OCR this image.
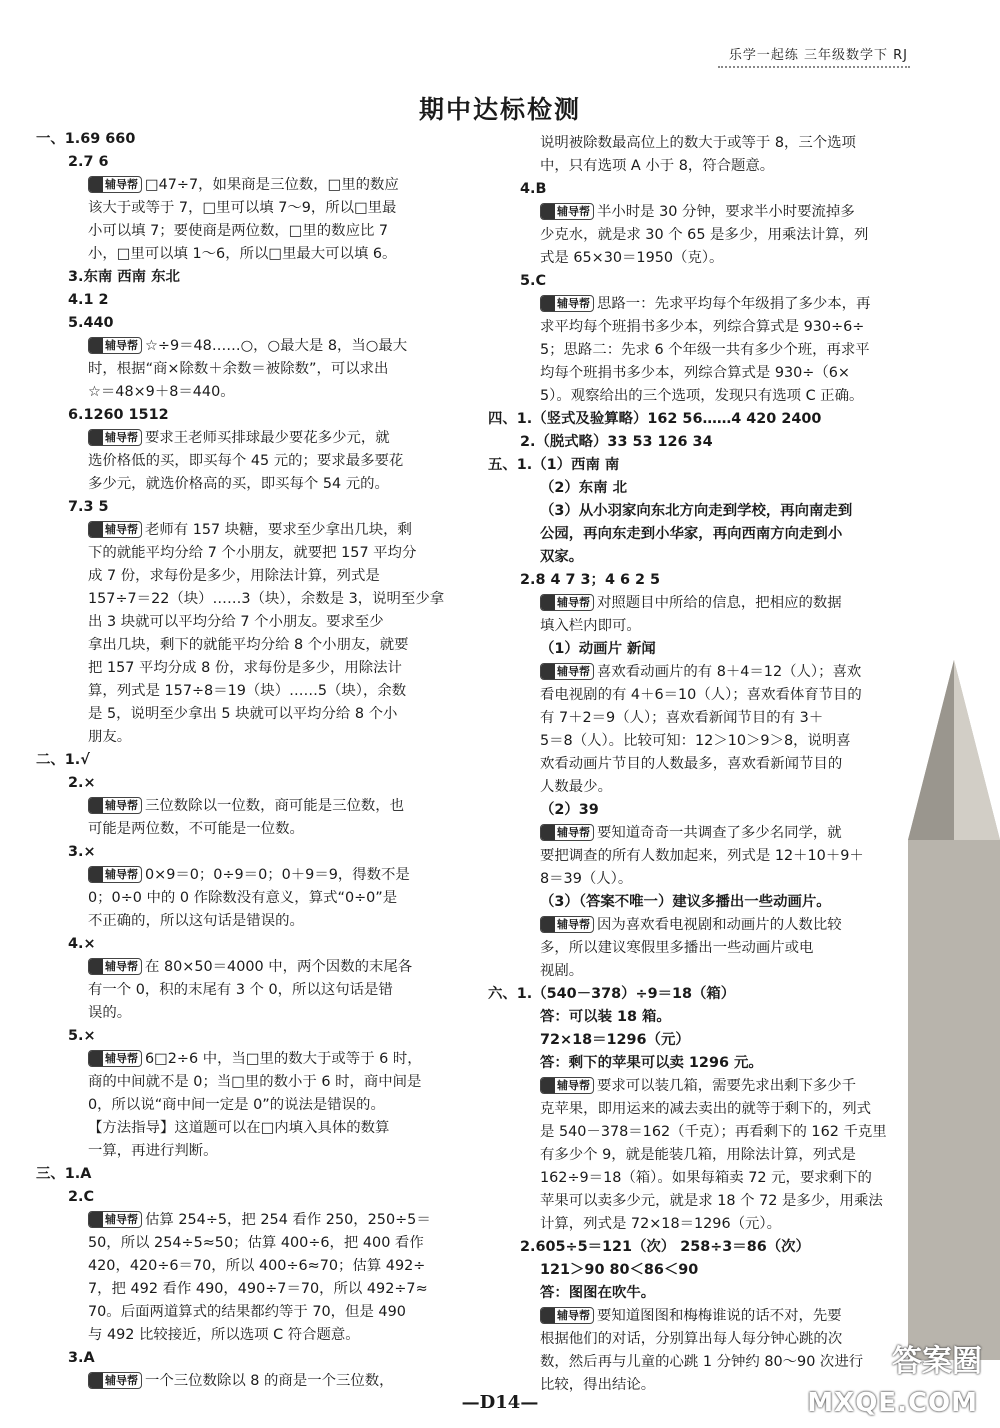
乐学一起练 三年级数学下 RJ
期中达标检测
一、1.69 660
2.7 6
辅导帮 □47÷7，如果商是三位数，□里的数应
该大于或等于 7，□里可以填 7～9，所以□里最
小可以填 7；要使商是两位数，□里的数应比 7
小，□里可以填 1～6，所以□里最大可以填 6。
3.东南 西南 东北
4.1 2
5.440
辅导帮 ☆÷9＝48……○，○最大是 8，当○最大
时，根据“商×除数＋余数＝被除数”，可以求出
☆＝48×9＋8＝440。
6.1260 1512
辅导帮 要求王老师买排球最少要花多少元，就
选价格低的买，即买每个 45 元的；要求最多要花
多少元，就选价格高的买，即买每个 54 元的。
7.3 5
辅导帮 老师有 157 块糖，要求至少拿出几块，剩
下的就能平均分给 7 个小朋友，就要把 157 平均分
成 7 份，求每份是多少，用除法计算，列式是
157÷7＝22（块）……3（块），余数是 3，说明至少拿
出 3 块就可以平均分给 7 个小朋友。要求至少
拿出几块，剩下的就能平均分给 8 个小朋友，就要
把 157 平均分成 8 份，求每份是多少，用除法计
算，列式是 157÷8＝19（块）……5（块），余数
是 5，说明至少拿出 5 块就可以平均分给 8 个小
朋友。
二、1.√
2.×
辅导帮 三位数除以一位数，商可能是三位数，也
可能是两位数，不可能是一位数。
3.×
辅导帮 0×9＝0；0÷9＝0；0＋9＝9，得数不是
0；0÷0 中的 0 作除数没有意义，算式“0÷0”是
不正确的，所以这句话是错误的。
4.×
辅导帮 在 80×50＝4000 中，两个因数的末尾各
有一个 0，积的末尾有 3 个 0，所以这句话是错
误的。
5.×
辅导帮 6□2÷6 中，当□里的数大于或等于 6 时，
商的中间就不是 0；当□里的数小于 6 时，商中间是
0，所以说“商中间一定是 0”的说法是错误的。
【方法指导】这道题可以在□内填入具体的数算
一算，再进行判断。
三、1.A
2.C
辅导帮 估算 254÷5，把 254 看作 250，250÷5＝
50，所以 254÷5≈50；估算 400÷6，把 400 看作
420，420÷6＝70，所以 400÷6≈70；估算 492÷
7，把 492 看作 490，490÷7＝70，所以 492÷7≈
70。后面两道算式的结果都约等于 70，但是 490
与 492 比较接近，所以选项 C 符合题意。
3.A
辅导帮 一个三位数除以 8 的商是一个三位数，
说明被除数最高位上的数大于或等于 8，三个选项
中，只有选项 A 小于 8，符合题意。
4.B
辅导帮 半小时是 30 分钟，要求半小时要流掉多
少克水，就是求 30 个 65 是多少，用乘法计算，列
式是 65×30＝1950（克）。
5.C
辅导帮 思路一：先求平均每个年级捐了多少本，再
求平均每个班捐书多少本，列综合算式是 930÷6÷
5；思路二：先求 6 个年级一共有多少个班，再求平
均每个班捐书多少本，列综合算式是 930÷（6×
5）。观察给出的三个选项，发现只有选项 C 正确。
四、1.（竖式及验算略）162 56……4 420 2400
2.（脱式略）33 53 126 34
五、1.（1）西南 南
（2）东南 北
（3）从小羽家向东北方向走到学校，再向南走到
公园，再向东走到小华家，再向西南方向走到小
双家。
2.8 4 7 3；4 6 2 5
辅导帮 对照题目中所给的信息，把相应的数据
填入栏内即可。
（1）动画片 新闻
辅导帮 喜欢看动画片的有 8＋4＝12（人）；喜欢
看电视剧的有 4＋6＝10（人）；喜欢看体育节目的
有 7＋2＝9（人）；喜欢看新闻节目的有 3＋
5＝8（人）。比较可知：12＞10＞9＞8，说明喜
欢看动画片节目的人数最多，喜欢看新闻节目的
人数最少。
（2）39
辅导帮 要知道奇奇一共调查了多少名同学，就
要把调查的所有人数加起来，列式是 12＋10＋9＋
8＝39（人）。
（3）（答案不唯一）建议多播出一些动画片。
辅导帮 因为喜欢看电视剧和动画片的人数比较
多，所以建议寒假里多播出一些动画片或电
视剧。
六、1.（540－378）÷9＝18（箱）
答：可以装 18 箱。
72×18＝1296（元）
答：剩下的苹果可以卖 1296 元。
辅导帮 要求可以装几箱，需要先求出剩下多少千
克苹果，即用运来的减去卖出的就等于剩下的，列式
是 540－378＝162（千克）；再看剩下的 162 千克里
有多少个 9，就是能装几箱，用除法计算，列式是
162÷9＝18（箱）。如果每箱卖 72 元，要求剩下的
苹果可以卖多少元，就是求 18 个 72 是多少，用乘法
计算，列式是 72×18＝1296（元）。
2.605÷5＝121（次） 258÷3＝86（次）
121＞90 80＜86＜90
答：图图在吹牛。
辅导帮 要知道图图和梅梅谁说的话不对，先要
根据他们的对话，分别算出每人每分钟心跳的次
数，然后再与儿童的心跳 1 分钟约 80～90 次进行
比较，得出结论。
—D14—
答案圈
MXQE.COM
